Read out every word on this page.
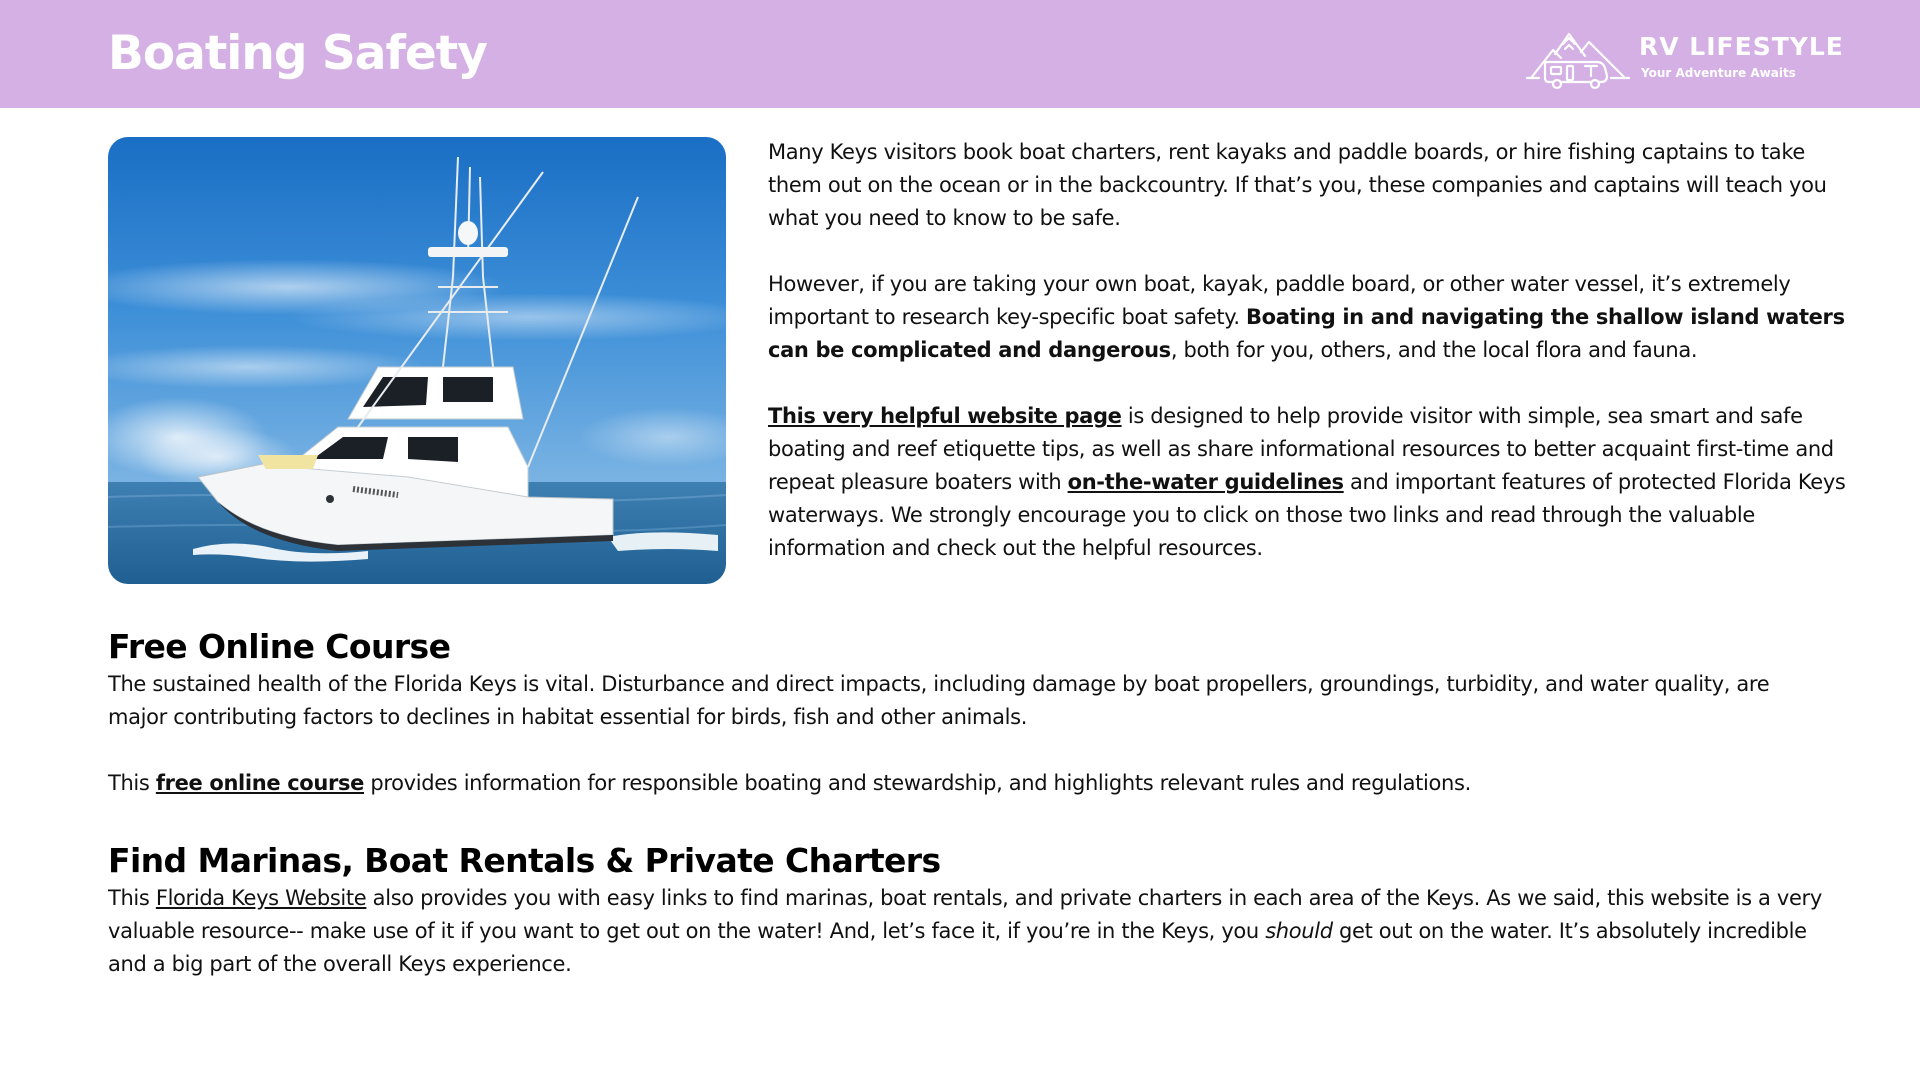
Boating Safety	RV LIFESTYLE
Your Adventure Awaits

Many Keys visitors book boat charters, rent kayaks and paddle boards, or hire fishing captains to take them out on the ocean or in the backcountry. If that’s you, these companies and captains will teach you what you need to know to be safe.

However, if you are taking your own boat, kayak, paddle board, or other water vessel, it’s extremely important to research key-specific boat safety. Boating in and navigating the shallow island waters can be complicated and dangerous, both for you, others, and the local flora and fauna.

This very helpful website page is designed to help provide visitor with simple, sea smart and safe boating and reef etiquette tips, as well as share informational resources to better acquaint first-time and repeat pleasure boaters with on-the-water guidelines and important features of protected Florida Keys waterways. We strongly encourage you to click on those two links and read through the valuable information and check out the helpful resources.

Free Online Course

The sustained health of the Florida Keys is vital. Disturbance and direct impacts, including damage by boat propellers, groundings, turbidity, and water quality, are major contributing factors to declines in habitat essential for birds, fish and other animals.

This free online course provides information for responsible boating and stewardship, and highlights relevant rules and regulations.

Find Marinas, Boat Rentals & Private Charters

This Florida Keys Website also provides you with easy links to find marinas, boat rentals, and private charters in each area of the Keys. As we said, this website is a very valuable resource-- make use of it if you want to get out on the water! And, let’s face it, if you’re in the Keys, you should get out on the water. It’s absolutely incredible and a big part of the overall Keys experience.
